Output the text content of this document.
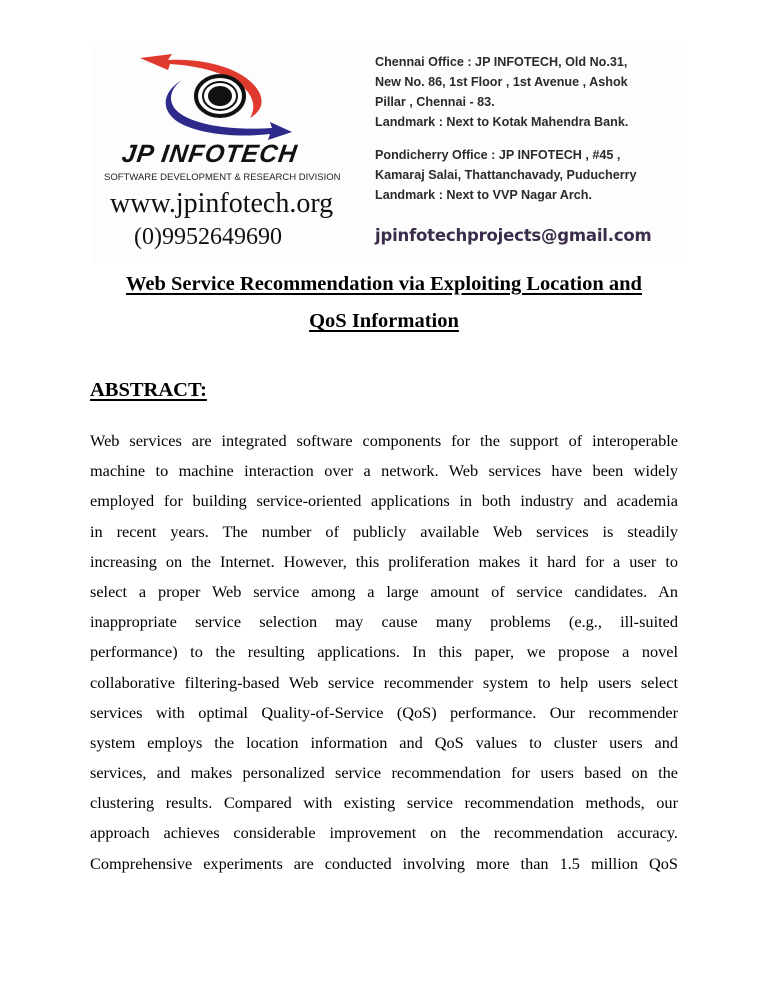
JP INFOTECH
SOFTWARE DEVELOPMENT & RESEARCH DIVISION
www.jpinfotech.org
(0)9952649690
Chennai Office : JP INFOTECH, Old No.31,
New No. 86, 1st Floor , 1st Avenue , Ashok
Pillar , Chennai - 83.
Landmark : Next to Kotak Mahendra Bank.
Pondicherry Office : JP INFOTECH , #45 ,
Kamaraj Salai, Thattanchavady, Puducherry
Landmark : Next to VVP Nagar Arch.
jpinfotechprojects@gmail.com
Web Service Recommendation via Exploiting Location and
QoS Information
ABSTRACT:
Web services are integrated software components for the support of interoperable
machine to machine interaction over a network. Web services have been widely
employed for building service-oriented applications in both industry and academia
in recent years. The number of publicly available Web services is steadily
increasing on the Internet. However, this proliferation makes it hard for a user to
select a proper Web service among a large amount of service candidates. An
inappropriate service selection may cause many problems (e.g., ill-suited
performance) to the resulting applications. In this paper, we propose a novel
collaborative filtering-based Web service recommender system to help users select
services with optimal Quality-of-Service (QoS) performance. Our recommender
system employs the location information and QoS values to cluster users and
services, and makes personalized service recommendation for users based on the
clustering results. Compared with existing service recommendation methods, our
approach achieves considerable improvement on the recommendation accuracy.
Comprehensive experiments are conducted involving more than 1.5 million QoS
